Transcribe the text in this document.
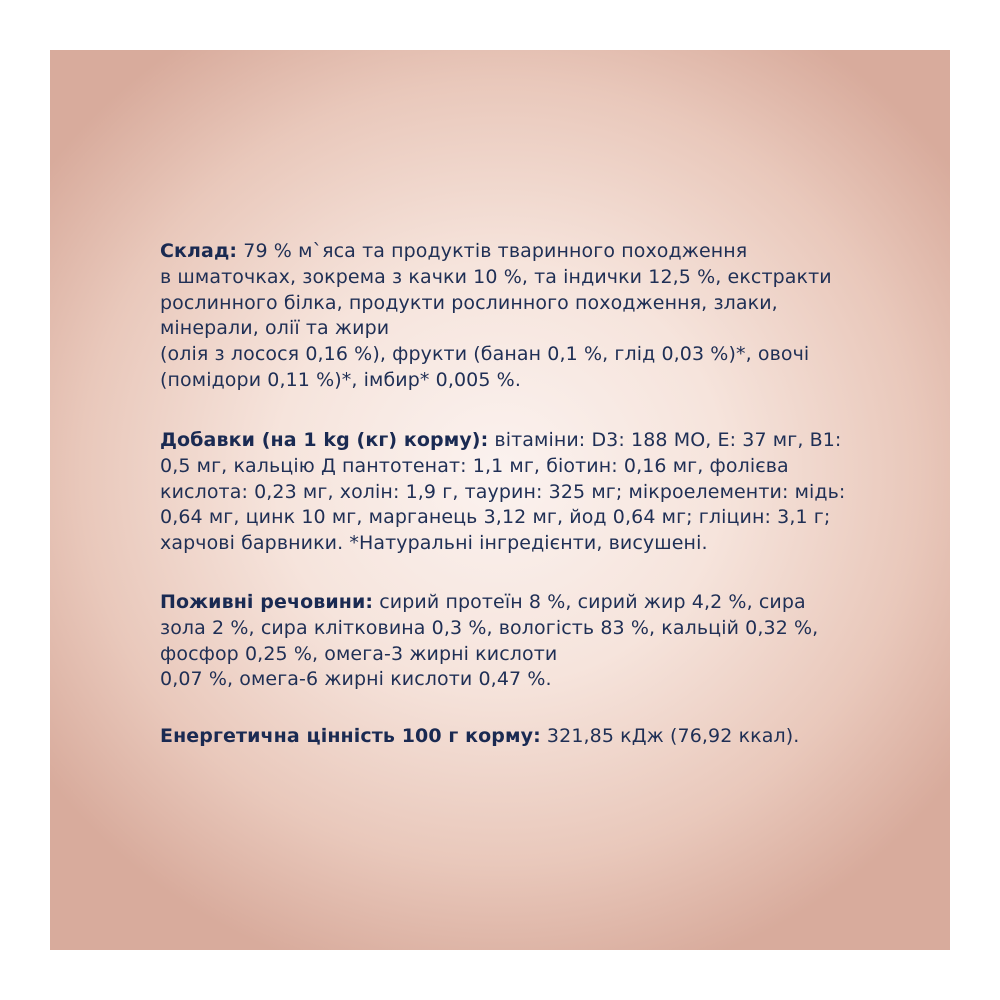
Склад: 79 % м`яса та продуктів тваринного походження

в шматочках, зокрема з качки 10 %, та індички 12,5 %, екстракти

рослинного білка, продукти рослинного походження, злаки,

мінерали, олії та жири

(олія з лосося 0,16 %), фрукти (банан 0,1 %, глід 0,03 %)*, овочі

(помідори 0,11 %)*, імбир* 0,005 %.

Добавки (на 1 kg (кг) корму): вітаміни: D3: 188 МО, Е: 37 мг, В1:

0,5 мг, кальцію Д пантотенат: 1,1 мг, біотин: 0,16 мг, фолієва

кислота: 0,23 мг, холін: 1,9 г, таурин: 325 мг; мікроелементи: мідь:

0,64 мг, цинк 10 мг, марганець 3,12 мг, йод 0,64 мг; гліцин: 3,1 г;

харчові барвники. *Натуральні інгредієнти, висушені.

Поживні речовини: сирий протеїн 8 %, сирий жир 4,2 %, сира

зола 2 %, сира клітковина 0,3 %, вологість 83 %, кальцій 0,32 %,

фосфор 0,25 %, омега-3 жирні кислоти

0,07 %, омега-6 жирні кислоти 0,47 %.

Енергетична цінність 100 г корму: 321,85 кДж (76,92 ккал).
